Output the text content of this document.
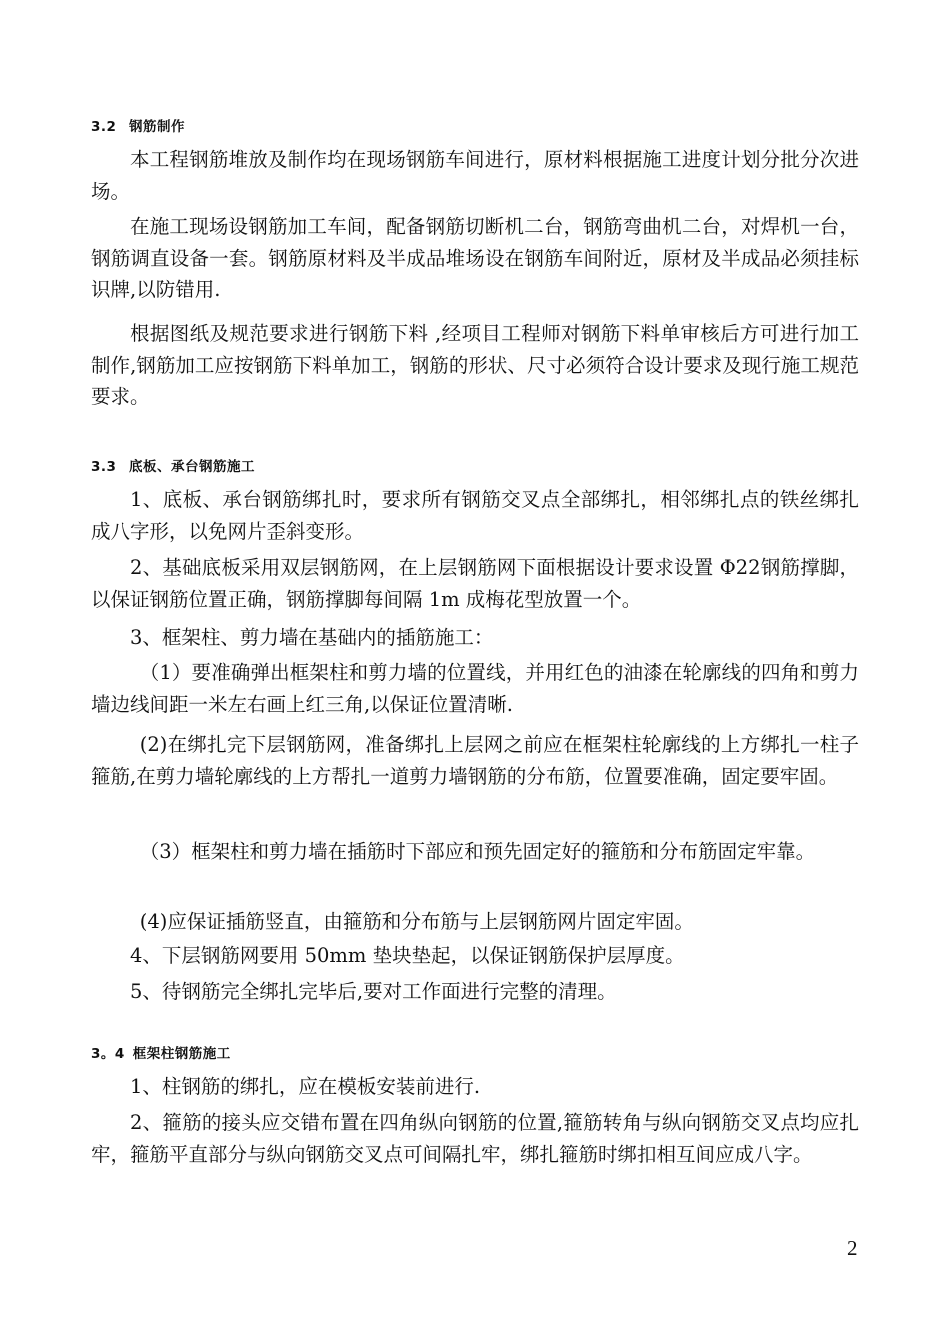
3.2 钢筋制作

本工程钢筋堆放及制作均在现场钢筋车间进行，原材料根据施工进度计划分批分次进场。

在施工现场设钢筋加工车间，配备钢筋切断机二台，钢筋弯曲机二台，对焊机一台，钢筋调直设备一套。钢筋原材料及半成品堆场设在钢筋车间附近，原材及半成品必须挂标识牌,以防错用.

根据图纸及规范要求进行钢筋下料 ,经项目工程师对钢筋下料单审核后方可进行加工制作,钢筋加工应按钢筋下料单加工，钢筋的形状、尺寸必须符合设计要求及现行施工规范要求。

3.3 底板、承台钢筋施工

1、底板、承台钢筋绑扎时，要求所有钢筋交叉点全部绑扎，相邻绑扎点的铁丝绑扎成八字形，以免网片歪斜变形。

2、基础底板采用双层钢筋网，在上层钢筋网下面根据设计要求设置 Φ22钢筋撑脚，以保证钢筋位置正确，钢筋撑脚每间隔 1m 成梅花型放置一个。

3、框架柱、剪力墙在基础内的插筋施工：

（1）要准确弹出框架柱和剪力墙的位置线，并用红色的油漆在轮廓线的四角和剪力墙边线间距一米左右画上红三角,以保证位置清晰.

(2)在绑扎完下层钢筋网，准备绑扎上层网之前应在框架柱轮廓线的上方绑扎一柱子箍筋,在剪力墙轮廓线的上方帮扎一道剪力墙钢筋的分布筋，位置要准确，固定要牢固。

（3）框架柱和剪力墙在插筋时下部应和预先固定好的箍筋和分布筋固定牢靠。

(4)应保证插筋竖直，由箍筋和分布筋与上层钢筋网片固定牢固。

4、下层钢筋网要用 50mm 垫块垫起，以保证钢筋保护层厚度。

5、待钢筋完全绑扎完毕后,要对工作面进行完整的清理。

3。4 框架柱钢筋施工

1、柱钢筋的绑扎，应在模板安装前进行.

2、箍筋的接头应交错布置在四角纵向钢筋的位置,箍筋转角与纵向钢筋交叉点均应扎牢，箍筋平直部分与纵向钢筋交叉点可间隔扎牢，绑扎箍筋时绑扣相互间应成八字。

2
